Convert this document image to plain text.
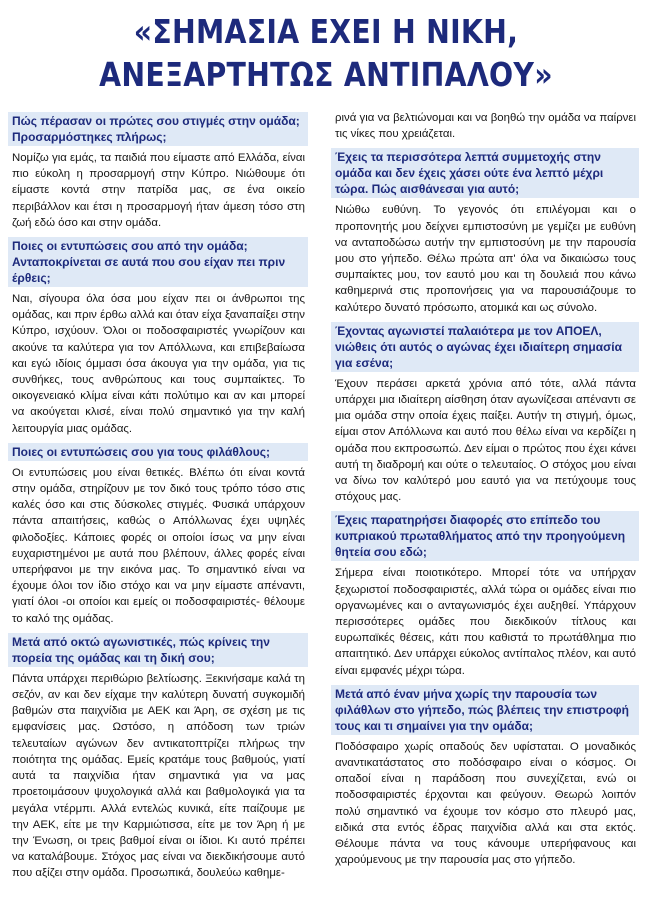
«ΣΗΜΑΣΙΑ ΕΧΕΙ Η ΝΙΚΗ,
ΑΝΕΞΑΡΤΗΤΩΣ ΑΝΤΙΠΑΛΟΥ»
Πώς πέρασαν οι πρώτες σου στιγμές στην ομάδα; Προσαρμόστηκες πλήρως;

Νομίζω για εμάς, τα παιδιά που είμαστε από Ελλάδα, είναι πιο εύκολη η προσαρμογή στην Κύπρο. Νιώθουμε ότι είμαστε κοντά στην πατρίδα μας, σε ένα οικείο περιβάλλον και έτσι η προσαρμογή ήταν άμεση τόσο στη ζωή εδώ όσο και στην ομάδα.

Ποιες οι εντυπώσεις σου από την ομάδα; Ανταποκρίνεται σε αυτά που σου είχαν πει πριν έρθεις;

Ναι, σίγουρα όλα όσα μου είχαν πει οι άνθρωποι της ομάδας, και πριν έρθω αλλά και όταν είχα ξαναπαίξει στην Κύπρο, ισχύουν. Όλοι οι ποδοσφαιριστές γνωρίζουν και ακούνε τα καλύτερα για τον Απόλλωνα, και επιβεβαίωσα και εγώ ιδίοις όμμασι όσα άκουγα για την ομάδα, για τις συνθήκες, τους ανθρώπους και τους συμπαίκτες. Το οικογενειακό κλίμα είναι κάτι πολύτιμο και αν και μπορεί να ακούγεται κλισέ, είναι πολύ σημαντικό για την καλή λειτουργία μιας ομάδας.

Ποιες οι εντυπώσεις σου για τους φιλάθλους;

Οι εντυπώσεις μου είναι θετικές. Βλέπω ότι είναι κοντά στην ομάδα, στηρίζουν με τον δικό τους τρόπο τόσο στις καλές όσο και στις δύσκολες στιγμές. Φυσικά υπάρχουν πάντα απαιτήσεις, καθώς ο Απόλλωνας έχει υψηλές φιλοδοξίες. Κάποιες φορές οι οποίοι ίσως να μην είναι ευχαριστημένοι με αυτά που βλέπουν, άλλες φορές είναι υπερήφανοι με την εικόνα μας. Το σημαντικό είναι να έχουμε όλοι τον ίδιο στόχο και να μην είμαστε απέναντι, γιατί όλοι -οι οποίοι και εμείς οι ποδοσφαιριστές- θέλουμε το καλό της ομάδας.

Μετά από οκτώ αγωνιστικές, πώς κρίνεις την πορεία της ομάδας και τη δική σου;

Πάντα υπάρχει περιθώριο βελτίωσης. Ξεκινήσαμε καλά τη σεζόν, αν και δεν είχαμε την καλύτερη δυνατή συγκομιδή βαθμών στα παιχνίδια με ΑΕΚ και Άρη, σε σχέση με τις εμφανίσεις μας. Ωστόσο, η απόδοση των τριών τελευταίων αγώνων δεν αντικατοπτρίζει πλήρως την ποιότητα της ομάδας. Εμείς κρατάμε τους βαθμούς, γιατί αυτά τα παιχνίδια ήταν σημαντικά για να μας προετοιμάσουν ψυχολογικά αλλά και βαθμολογικά για τα μεγάλα ντέρμπι. Αλλά εντελώς κυνικά, είτε παίζουμε με την ΑΕΚ, είτε με την Καρμιώτισσα, είτε με τον Άρη ή με την Ένωση, οι τρεις βαθμοί είναι οι ίδιοι. Κι αυτό πρέπει να καταλάβουμε. Στόχος μας είναι να διεκδικήσουμε αυτό που αξίζει στην ομάδα. Προσωπικά, δουλεύω καθημε-

ρινά για να βελτιώνομαι και να βοηθώ την ομάδα να παίρνει τις νίκες που χρειάζεται.

Έχεις τα περισσότερα λεπτά συμμετοχής στην ομάδα και δεν έχεις χάσει ούτε ένα λεπτό μέχρι τώρα. Πώς αισθάνεσαι για αυτό;

Νιώθω ευθύνη. Το γεγονός ότι επιλέγομαι και ο προπονητής μου δείχνει εμπιστοσύνη με γεμίζει με ευθύνη να ανταποδώσω αυτήν την εμπιστοσύνη με την παρουσία μου στο γήπεδο. Θέλω πρώτα απ' όλα να δικαιώσω τους συμπαίκτες μου, τον εαυτό μου και τη δουλειά που κάνω καθημερινά στις προπονήσεις για να παρουσιάζουμε το καλύτερο δυνατό πρόσωπο, ατομικά και ως σύνολο.

Έχοντας αγωνιστεί παλαιότερα με τον ΑΠΟΕΛ, νιώθεις ότι αυτός ο αγώνας έχει ιδιαίτερη σημασία για εσένα;

Έχουν περάσει αρκετά χρόνια από τότε, αλλά πάντα υπάρχει μια ιδιαίτερη αίσθηση όταν αγωνίζεσαι απέναντι σε μια ομάδα στην οποία έχεις παίξει. Αυτήν τη στιγμή, όμως, είμαι στον Απόλλωνα και αυτό που θέλω είναι να κερδίζει η ομάδα που εκπροσωπώ. Δεν είμαι ο πρώτος που έχει κάνει αυτή τη διαδρομή και ούτε ο τελευταίος. Ο στόχος μου είναι να δίνω τον καλύτερό μου εαυτό για να πετύχουμε τους στόχους μας.

Έχεις παρατηρήσει διαφορές στο επίπεδο του κυπριακού πρωταθλήματος από την προηγούμενη θητεία σου εδώ;

Σήμερα είναι ποιοτικότερο. Μπορεί τότε να υπήρχαν ξεχωριστοί ποδοσφαιριστές, αλλά τώρα οι ομάδες είναι πιο οργανωμένες και ο ανταγωνισμός έχει αυξηθεί. Υπάρχουν περισσότερες ομάδες που διεκδικούν τίτλους και ευρωπαϊκές θέσεις, κάτι που καθιστά το πρωτάθλημα πιο απαιτητικό. Δεν υπάρχει εύκολος αντίπαλος πλέον, και αυτό είναι εμφανές μέχρι τώρα.

Μετά από έναν μήνα χωρίς την παρουσία των φιλάθλων στο γήπεδο, πώς βλέπεις την επιστροφή τους και τι σημαίνει για την ομάδα;

Ποδόσφαιρο χωρίς οπαδούς δεν υφίσταται. Ο μοναδικός αναντικατάστατος στο ποδόσφαιρο είναι ο κόσμος. Οι οπαδοί είναι η παράδοση που συνεχίζεται, ενώ οι ποδοσφαιριστές έρχονται και φεύγουν. Θεωρώ λοιπόν πολύ σημαντικό να έχουμε τον κόσμο στο πλευρό μας, ειδικά στα εντός έδρας παιχνίδια αλλά και στα εκτός. Θέλουμε πάντα να τους κάνουμε υπερήφανους και χαρούμενους με την παρουσία μας στο γήπεδο.
